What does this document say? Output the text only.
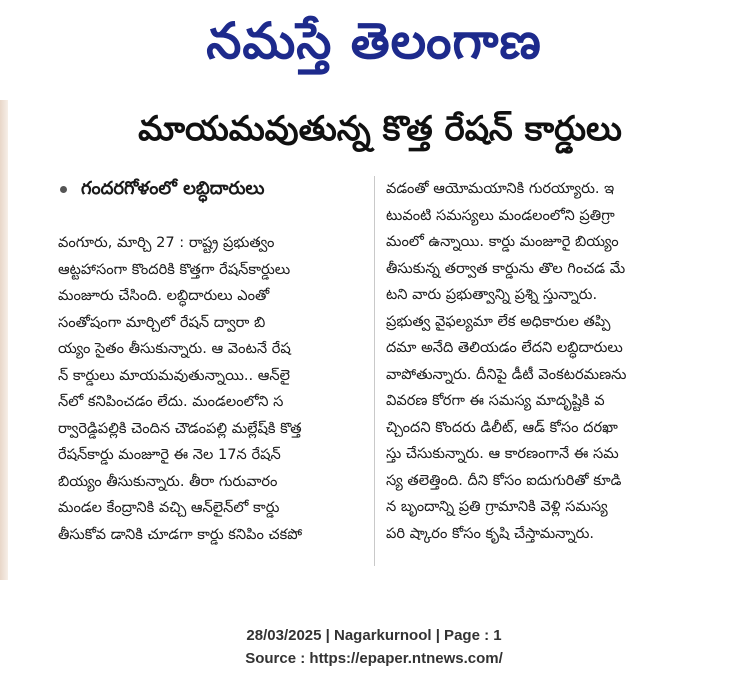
నమస్తే తెలంగాణ
మాయమవుతున్న కొత్త రేషన్ కార్డులు
గందరగోళంలో లబ్ధిదారులు
వంగూరు, మార్చి 27 : రాష్ట్ర ప్రభుత్వం
ఆట్టహాసంగా కొందరికి కొత్తగా రేషన్‌కార్డులు
మంజూరు చేసింది. లబ్ధిదారులు ఎంతో
సంతోషంగా మార్చిలో రేషన్ ద్వారా బి
య్యం సైతం తీసుకున్నారు. ఆ వెంటనే రేష
న్ కార్డులు మాయమవుతున్నాయి.. ఆన్‌లై
న్‌లో కనిపించడం లేదు. మండలంలోని స
ర్వారెడ్డిపల్లికి చెందిన చౌడంపల్లి మల్లేష్‌కి కొత్త
రేషన్‌కార్డు మంజూరై ఈ నెల 17న రేషన్
బియ్యం తీసుకున్నారు. తీరా గురువారం
మండల కేంద్రానికి వచ్చి ఆన్‌లైన్‌లో కార్డు
తీసుకోవ డానికి చూడగా కార్డు కనిపిం చకపో
వడంతో ఆయోమయానికి గురయ్యారు. ఇ
టువంటి సమస్యలు మండలంలోని ప్రతిగ్రా
మంలో ఉన్నాయి. కార్డు మంజూరై బియ్యం
తీసుకున్న తర్వాత కార్డును తొల గించడ మే
టని వారు ప్రభుత్వాన్ని ప్రశ్ని స్తున్నారు.
ప్రభుత్వ వైఫల్యమా లేక అధికారుల తప్పి
దమా అనేది తెలియడం లేదని లబ్ధిదారులు
వాపోతున్నారు. దీనిపై డీటీ వెంకటరమణను
వివరణ కోరగా ఈ సమస్య మాదృష్టికి వ
చ్చిందని కొందరు డిలీట్, ఆడ్ కోసం దరఖా
స్తు చేసుకున్నారు. ఆ కారణంగానే ఈ సమ
స్య తలెత్తింది. దీని కోసం ఐదుగురితో కూడి
న బృందాన్ని ప్రతి గ్రామానికి వెళ్లి సమస్య
పరి ష్కారం కోసం కృషి చేస్తామన్నారు.
28/03/2025 | Nagarkurnool | Page : 1
Source : https://epaper.ntnews.com/
